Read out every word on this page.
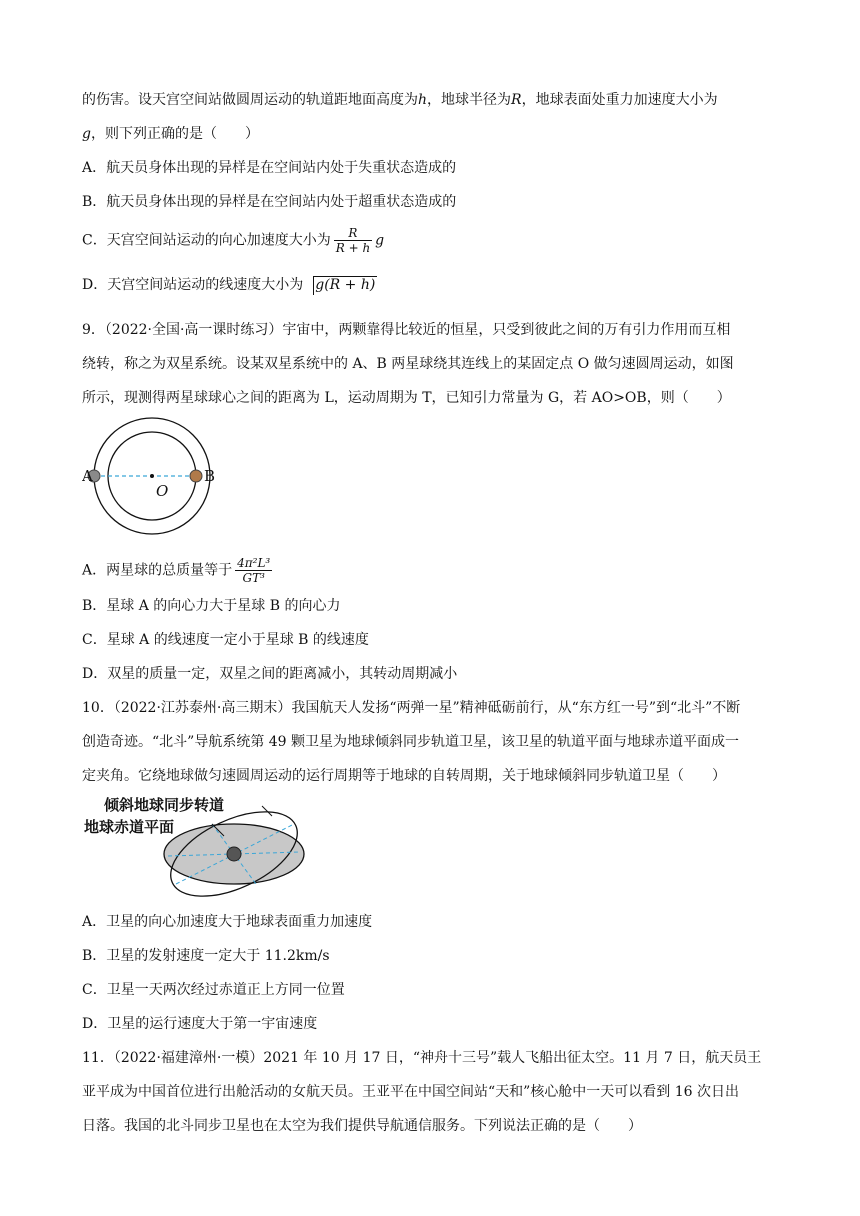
的伤害。设天宫空间站做圆周运动的轨道距地面高度为h，地球半径为R，地球表面处重力加速度大小为
g，则下列正确的是（　　）
A．航天员身体出现的异样是在空间站内处于失重状态造成的
B．航天员身体出现的异样是在空间站内处于超重状态造成的
C．天宫空间站运动的向心加速度大小为 $\frac{R}{R + h}$ g
D．天宫空间站运动的线速度大小为 g(R + h)
9．（2022·全国·高一课时练习）宇宙中，两颗靠得比较近的恒星，只受到彼此之间的万有引力作用而互相
绕转，称之为双星系统。设某双星系统中的 A、B 两星球绕其连线上的某固定点 O 做匀速圆周运动，如图
所示，现测得两星球球心之间的距离为 L，运动周期为 T，已知引力常量为 G，若 AO>OB，则（　　）
A	B
O
A．两星球的总质量等于 $\frac{\text{4π²L³}}{\text{GT³}}$
B．星球 A 的向心力大于星球 B 的向心力
C．星球 A 的线速度一定小于星球 B 的线速度
D．双星的质量一定，双星之间的距离减小，其转动周期减小
10．（2022·江苏泰州·高三期末）我国航天人发扬“两弹一星”精神砥砺前行，从“东方红一号”到“北斗”不断
创造奇迹。“北斗”导航系统第 49 颗卫星为地球倾斜同步轨道卫星，该卫星的轨道平面与地球赤道平面成一
定夹角。它绕地球做匀速圆周运动的运行周期等于地球的自转周期，关于地球倾斜同步轨道卫星（　　）
倾斜地球同步转道
地球赤道平面
A．卫星的向心加速度大于地球表面重力加速度
B．卫星的发射速度一定大于 11.2km/s
C．卫星一天两次经过赤道正上方同一位置
D．卫星的运行速度大于第一宇宙速度
11．（2022·福建漳州·一模）2021 年 10 月 17 日，“神舟十三号”载人飞船出征太空。11 月 7 日，航天员王
亚平成为中国首位进行出舱活动的女航天员。王亚平在中国空间站“天和”核心舱中一天可以看到 16 次日出
日落。我国的北斗同步卫星也在太空为我们提供导航通信服务。下列说法正确的是（　　）
